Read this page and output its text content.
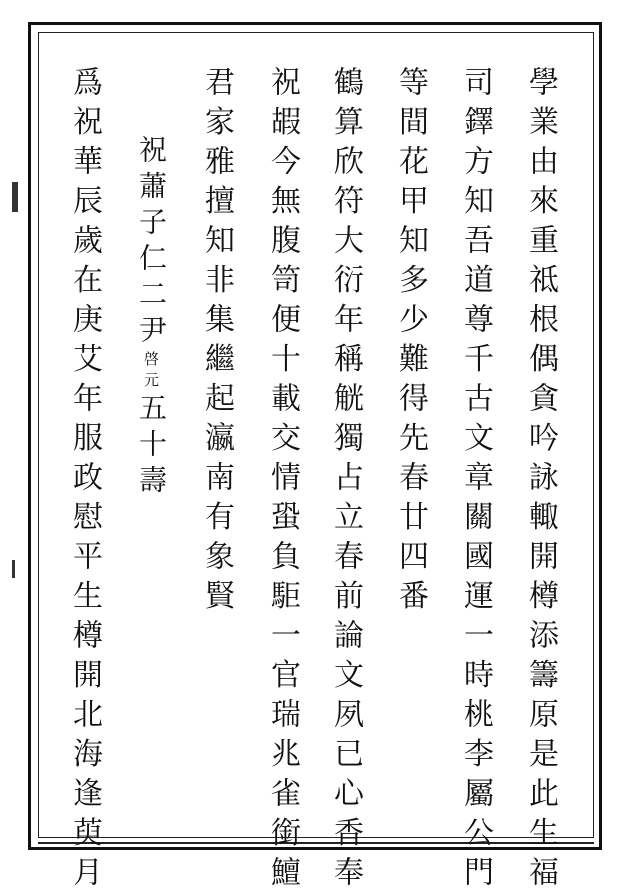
學業由來重祗根偶貪吟詠輙開樽添籌原是此生福
司鐸方知吾道尊千古文章關國運一時桃李屬公門
等間花甲知多少難得先春廿四番
鶴算欣符大衍年稱觥獨占立春前論文夙已心香奉
祝嘏今無腹笥便十載交情蛩負駏一官瑞兆雀銜鱣
君家雅擅知非集繼起瀛南有象賢
祝蕭子仁二尹啓元五十壽
爲祝華辰歲在庚艾年服政慰平生樽開北海逢萸月
